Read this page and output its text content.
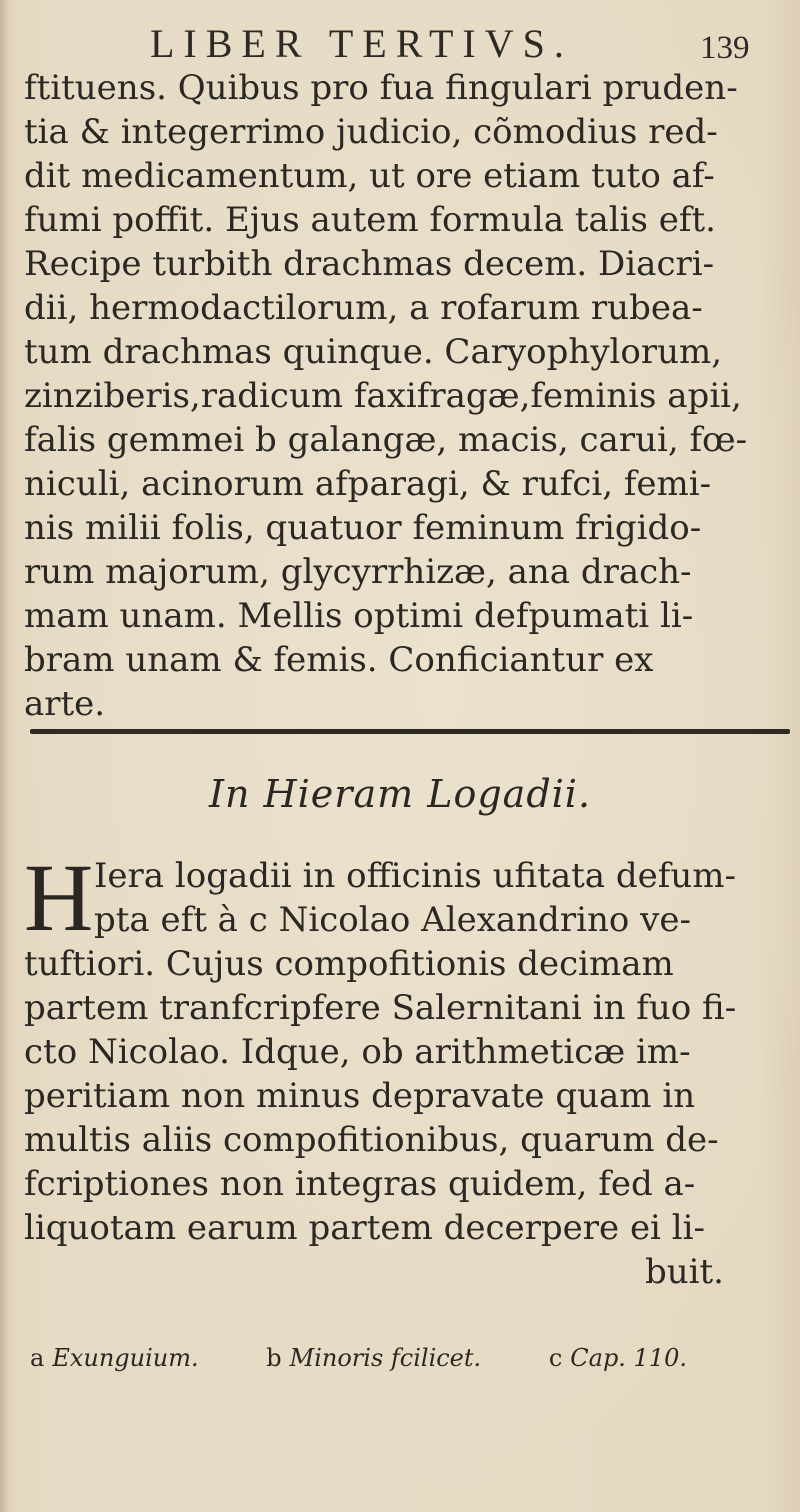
LIBER TERTIVS.	139
ftituens. Quibus pro fua fingulari pruden-
tia & integerrimo judicio, cõmodius red-
dit medicamentum, ut ore etiam tuto af-
fumi poffit. Ejus autem formula talis eft.
Recipe turbith drachmas decem. Diacri-
dii, hermodactilorum, a rofarum rubea-
tum drachmas quinque. Caryophylorum,
zinziberis,radicum faxifragæ,feminis apii,
falis gemmei b galangæ, macis, carui, fœ-
niculi, acinorum afparagi, & rufci, femi-
nis milii folis, quatuor feminum frigido-
rum majorum, glycyrrhizæ, ana drach-
mam unam. Mellis optimi defpumati li-
bram unam & femis. Conficiantur ex
arte.
In Hieram Logadii.
H Iera logadii in officinis ufitata defum-
pta eft à c Nicolao Alexandrino ve-
tuftiori. Cujus compofitionis decimam
partem tranfcripfere Salernitani in fuo fi-
cto Nicolao. Idque, ob arithmeticæ im-
peritiam non minus depravate quam in
multis aliis compofitionibus, quarum de-
fcriptiones non integras quidem, fed a-
liquotam earum partem decerpere ei li-
buit.
a Exunguium.	b Minoris fcilicet.	c Cap. 110.
